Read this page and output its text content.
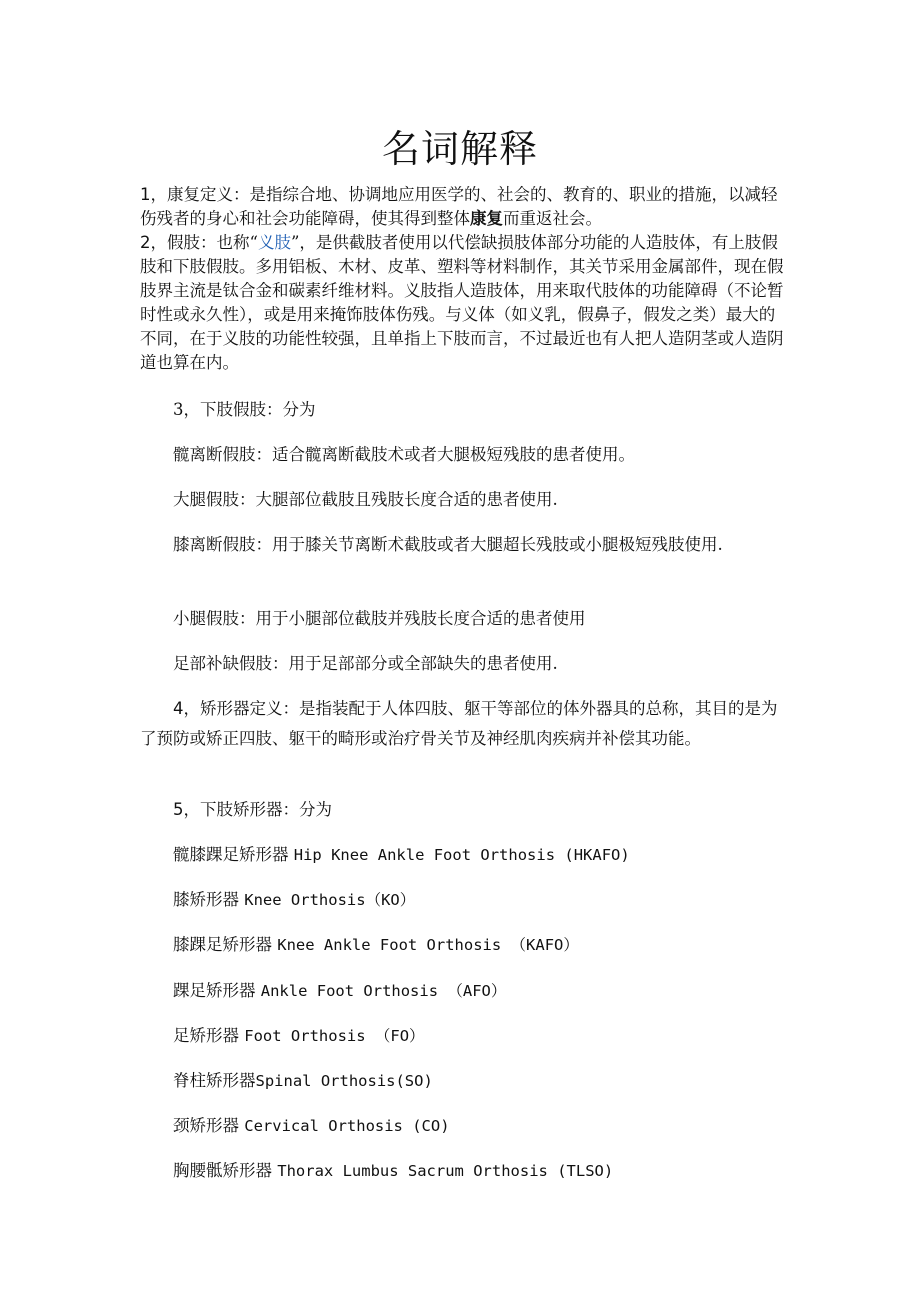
名词解释

1，康复定义：是指综合地、协调地应用医学的、社会的、教育的、职业的措施，以减轻伤残者的身心和社会功能障碍，使其得到整体康复而重返社会。

2，假肢：也称“义肢”，是供截肢者使用以代偿缺损肢体部分功能的人造肢体，有上肢假肢和下肢假肢。多用铝板、木材、皮革、塑料等材料制作，其关节采用金属部件，现在假肢界主流是钛合金和碳素纤维材料。义肢指人造肢体，用来取代肢体的功能障碍（不论暂时性或永久性），或是用来掩饰肢体伤残。与义体（如义乳，假鼻子，假发之类）最大的不同，在于义肢的功能性较强，且单指上下肢而言，不过最近也有人把人造阴茎或人造阴道也算在内。

3，下肢假肢：分为
髋离断假肢：适合髋离断截肢术或者大腿极短残肢的患者使用。
大腿假肢：大腿部位截肢且残肢长度合适的患者使用.
膝离断假肢：用于膝关节离断术截肢或者大腿超长残肢或小腿极短残肢使用.
小腿假肢：用于小腿部位截肢并残肢长度合适的患者使用
足部补缺假肢：用于足部部分或全部缺失的患者使用.
4，矫形器定义：是指装配于人体四肢、躯干等部位的体外器具的总称，其目的是为了预防或矫正四肢、躯干的畸形或治疗骨关节及神经肌肉疾病并补偿其功能。
5，下肢矫形器：分为
髋膝踝足矫形器 Hip Knee Ankle Foot Orthosis (HKAFO)
膝矫形器 Knee Orthosis（KO）
膝踝足矫形器 Knee Ankle Foot Orthosis （KAFO）
踝足矫形器 Ankle Foot Orthosis （AFO）
足矫形器 Foot Orthosis （FO）
脊柱矫形器Spinal Orthosis(SO)
颈矫形器 Cervical Orthosis (CO)
胸腰骶矫形器 Thorax Lumbus Sacrum Orthosis (TLSO)
